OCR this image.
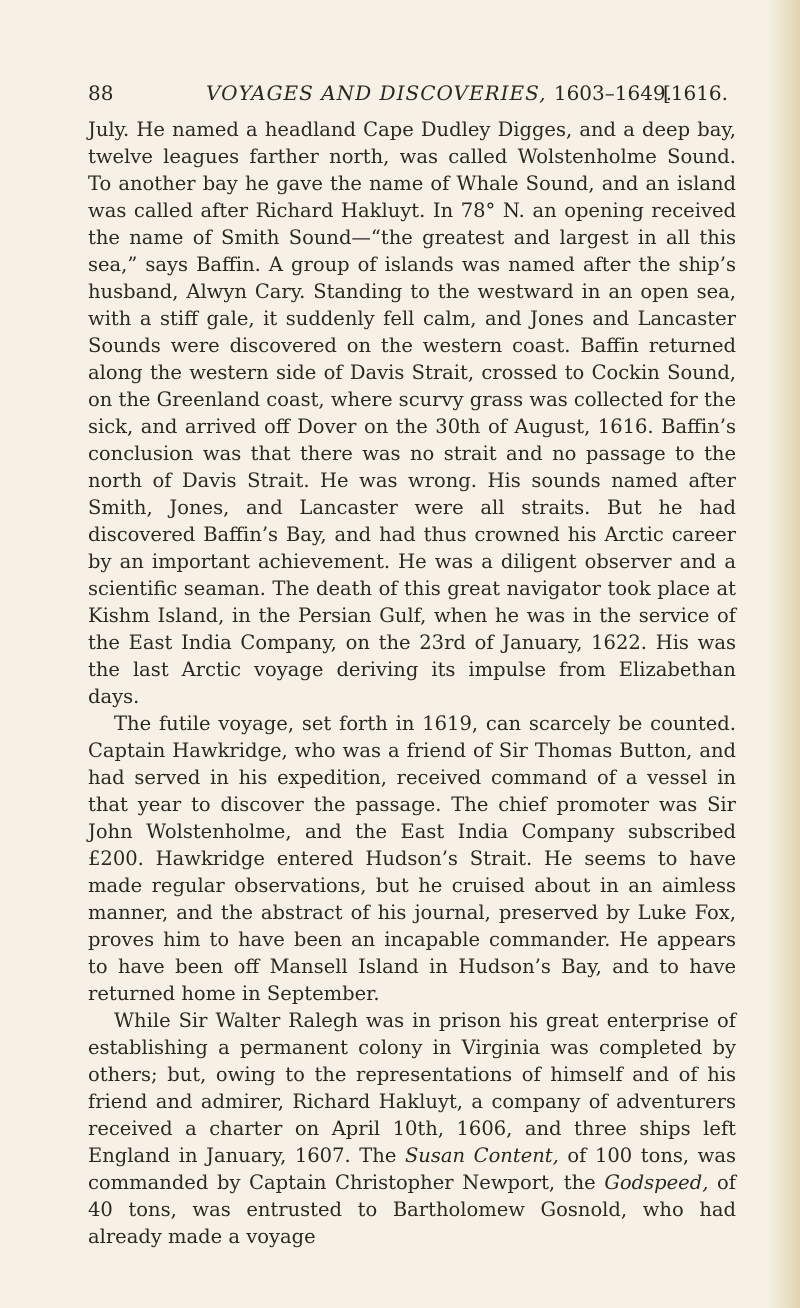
88	VOYAGES AND DISCOVERIES, 1603–1649.
[1616.

July. He named a headland Cape Dudley Digges, and a deep bay, twelve leagues farther north, was called Wolstenholme Sound. To another bay he gave the name of Whale Sound, and an island was called after Richard Hakluyt. In 78° N. an opening received the name of Smith Sound—“the greatest and largest in all this sea,” says Baffin. A group of islands was named after the ship’s husband, Alwyn Cary. Standing to the westward in an open sea, with a stiff gale, it suddenly fell calm, and Jones and Lancaster Sounds were discovered on the western coast. Baffin returned along the western side of Davis Strait, crossed to Cockin Sound, on the Greenland coast, where scurvy grass was collected for the sick, and arrived off Dover on the 30th of August, 1616. Baffin’s conclusion was that there was no strait and no passage to the north of Davis Strait. He was wrong. His sounds named after Smith, Jones, and Lancaster were all straits. But he had discovered Baffin’s Bay, and had thus crowned his Arctic career by an important achievement. He was a diligent observer and a scientific seaman. The death of this great navigator took place at Kishm Island, in the Persian Gulf, when he was in the service of the East India Company, on the 23rd of January, 1622. His was the last Arctic voyage deriving its impulse from Elizabethan days.

The futile voyage, set forth in 1619, can scarcely be counted. Captain Hawkridge, who was a friend of Sir Thomas Button, and had served in his expedition, received command of a vessel in that year to discover the passage. The chief promoter was Sir John Wolstenholme, and the East India Company subscribed £200. Hawkridge entered Hudson’s Strait. He seems to have made regular observations, but he cruised about in an aimless manner, and the abstract of his journal, preserved by Luke Fox, proves him to have been an incapable commander. He appears to have been off Mansell Island in Hudson’s Bay, and to have returned home in September.

While Sir Walter Ralegh was in prison his great enterprise of establishing a permanent colony in Virginia was completed by others; but, owing to the representations of himself and of his friend and admirer, Richard Hakluyt, a company of adventurers received a charter on April 10th, 1606, and three ships left England in January, 1607. The Susan Content, of 100 tons, was commanded by Captain Christopher Newport, the Godspeed, of 40 tons, was entrusted to Bartholomew Gosnold, who had already made a voyage
